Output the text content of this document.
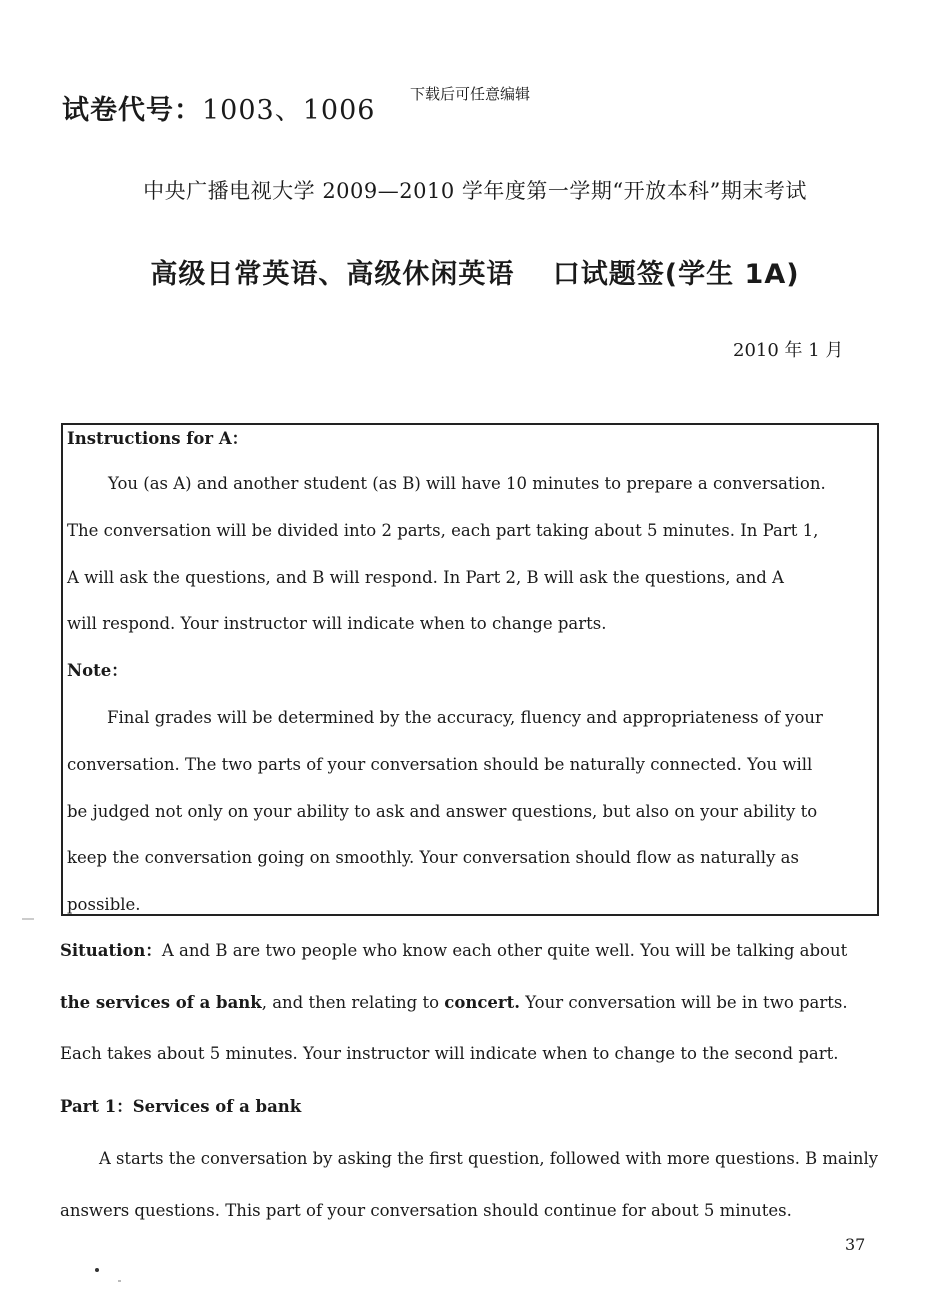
试卷代号：1003、1006
下载后可任意编辑
中央广播电视大学 2009—2010 学年度第一学期“开放本科”期末考试
高级日常英语、高级休闲英语　 口试题签(学生 1A)
2010 年 1 月
Instructions for A：
You (as A) and another student (as B) will have 10 minutes to prepare a conversation.
The conversation will be divided into 2 parts, each part taking about 5 minutes. In Part 1,
A will ask the questions, and B will respond. In Part 2, B will ask the questions, and A
will respond. Your instructor will indicate when to change parts.
Note：
Final grades will be determined by the accuracy, fluency and appropriateness of your
conversation. The two parts of your conversation should be naturally connected. You will
be judged not only on your ability to ask and answer questions, but also on your ability to
keep the conversation going on smoothly. Your conversation should flow as naturally as
possible.
Situation：A and B are two people who know each other quite well. You will be talking about
the services of a bank, and then relating to concert. Your conversation will be in two parts.
Each takes about 5 minutes. Your instructor will indicate when to change to the second part.
Part 1：Services of a bank
A starts the conversation by asking the first question, followed with more questions. B mainly
answers questions. This part of your conversation should continue for about 5 minutes.
37
